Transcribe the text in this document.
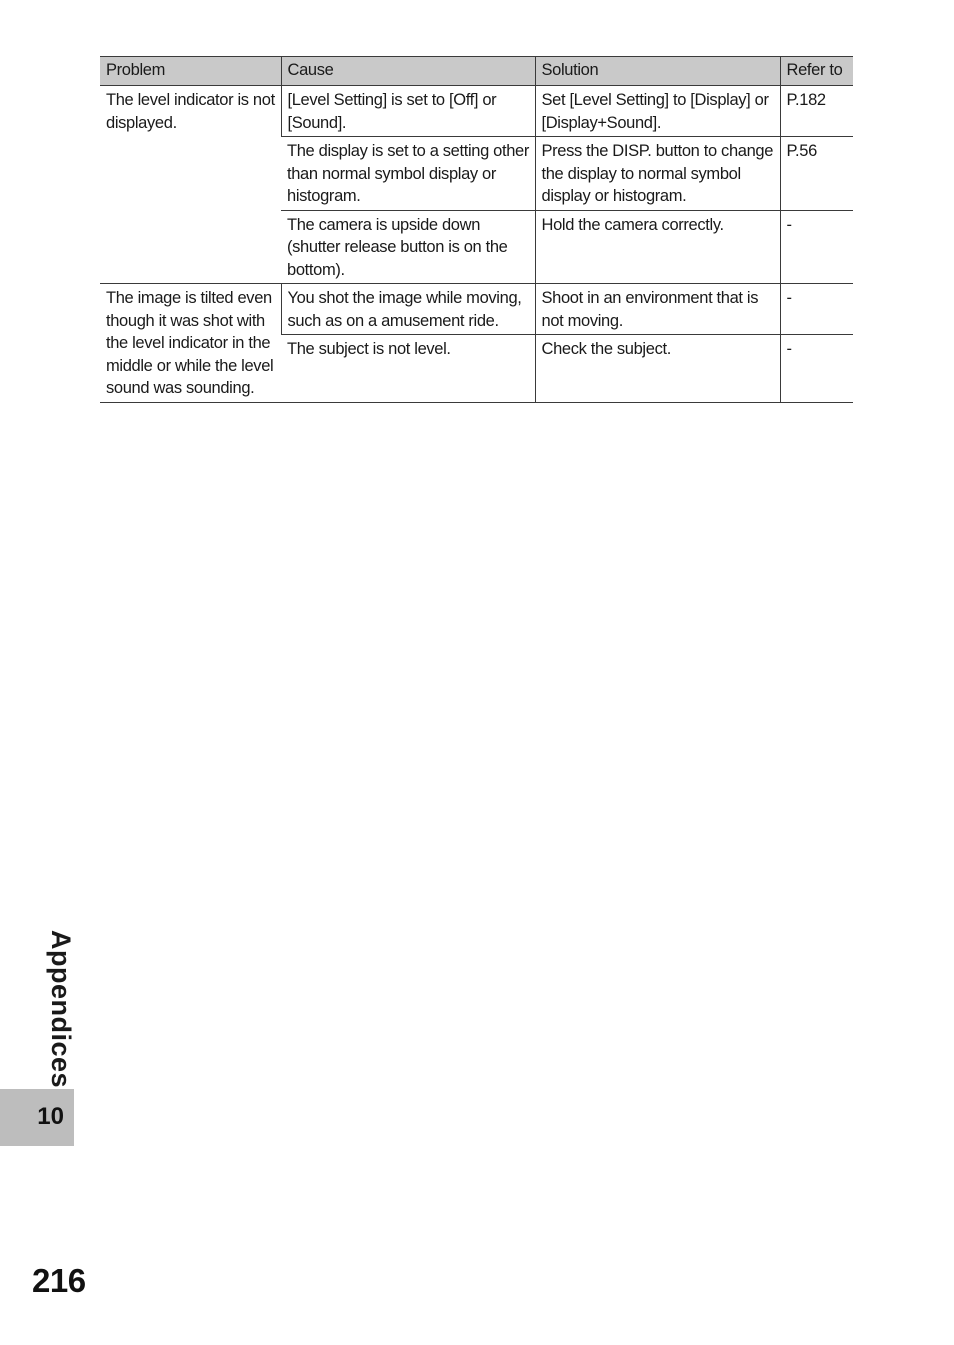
Problem	Cause	Solution	Refer to
The level indicator is not displayed.	[Level Setting] is set to [Off] or [Sound].	Set [Level Setting] to [Display] or [Display+Sound].	P.182
	The display is set to a setting other than normal symbol display or histogram.	Press the DISP. button to change the display to normal symbol display or histogram.	P.56
	The camera is upside down (shutter release button is on the bottom).	Hold the camera correctly.	-
The image is tilted even though it was shot with the level indicator in the middle or while the level sound was sounding.	You shot the image while moving, such as on a amusement ride.	Shoot in an environment that is not moving.	-
	The subject is not level.	Check the subject.	-
Appendices
10
216
